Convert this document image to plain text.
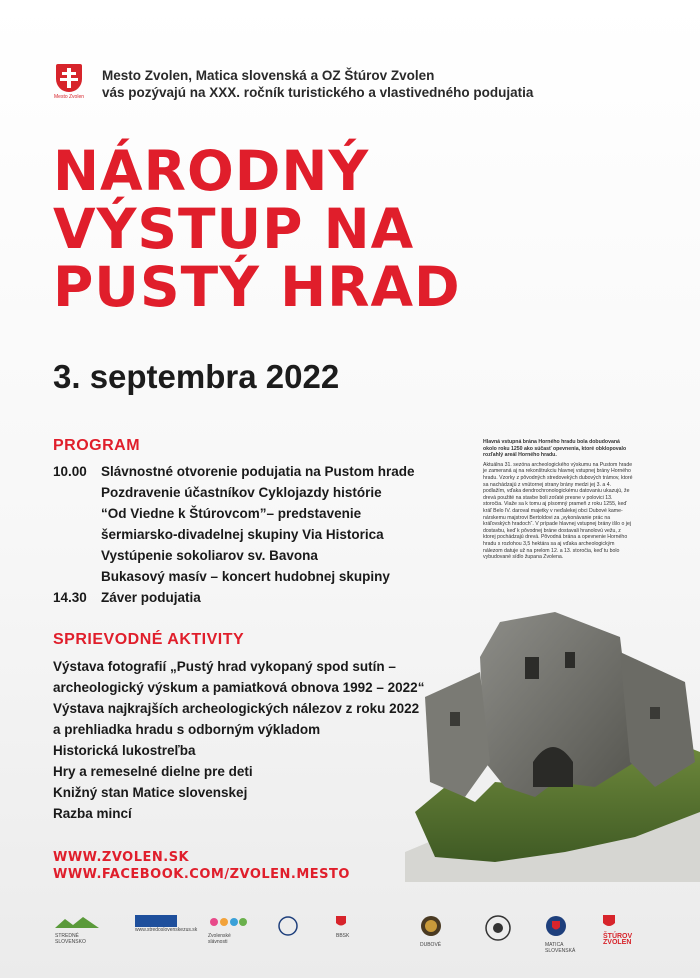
Mesto Zvolen
Mesto Zvolen, Matica slovenská a OZ Štúrov Zvolen
vás pozývajú na XXX. ročník turistického a vlastivedného podujatia
NÁRODNÝ
VÝSTUP NA
PUSTÝ HRAD
3. septembra 2022
PROGRAM
10.00	Slávnostné otvorenie podujatia na Pustom hrade
Pozdravenie účastníkov Cyklojazdy histórie
“Od Viedne k Štúrovcom”– predstavenie
šermiarsko-divadelnej skupiny Via Historica
Vystúpenie sokoliarov sv. Bavona
Bukasový masív – koncert hudobnej skupiny
14.30	Záver podujatia
SPRIEVODNÉ AKTIVITY
Výstava fotografií „Pustý hrad vykopaný spod sutín –
archeologický výskum a pamiatková obnova 1992 – 2022“
Výstava najkrajších archeologických nálezov z roku 2022
a prehliadka hradu s odborným výkladom
Historická lukostreľba
Hry a remeselné dielne pre deti
Knižný stan Matice slovenskej
Razba mincí
WWW.ZVOLEN.SK
WWW.FACEBOOK.COM/ZVOLEN.MESTO
Hlavná vstupná brána Horného hradu bola dobudovaná okolo roku 1250 ako súčasť opevnenia, ktoré obklopovalo rozľahlý areál Horného hradu.
Aktuálna 31. sezóna archeologického výskumu na Pustom hrade je zameraná aj na rekonštrukciu hlavnej vstupnej brány Horného hradu. Vzorky z pôvodných stredovekých dubových trámov, ktoré sa nachádzajú z vnútornej strany brány medzi jej 3. a 4. podlažím, vďaka dendrochronologickému datovaniu ukazujú, že drevá použité na stavbe boli zoťaté presne v polovici 13. storočia. Viaže sa k tomu aj písomný prameň z roku 1255, keď kráľ Belo IV. daroval majetky v neďalekej obci Dubové kame-nárskemu majstrovi Bertoldovi za „vykonávanie prác na kráľovských hradoch“. V prípade hlavnej vstupnej brány išlo o jej dostavbu, keď k pôvodnej bráne dostavali hranolovú vežu, z ktorej pochádzajú drevá. Pôvodná brána a opevnenie Horného hradu s rozlohou 3,5 hektára sa aj vďaka archeologickým nálezom datuje už na prelom 12. a 13. storočia, keď tu bolo vybudované sídlo župana Zvolena.
STREDNÉ SLOVENSKO
www.stredoslovenskezus.sk
Zvolenské slávnosti
BBSK
DUBOVÉ	MATICA SLOVENSKÁ
ŠTÚROV ZVOLEN
